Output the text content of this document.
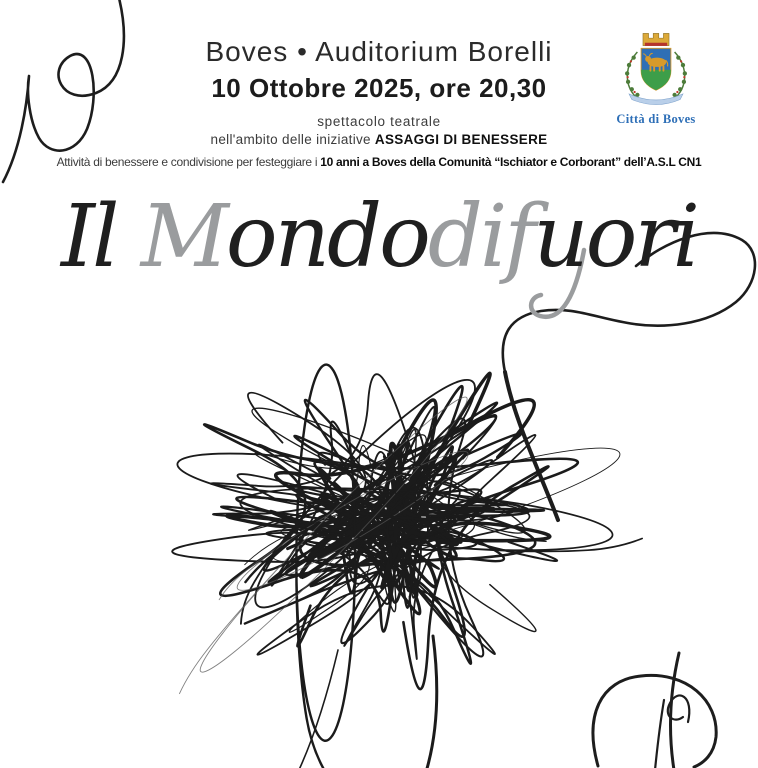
Boves • Auditorium Borelli
10 Ottobre 2025, ore 20,30
spettacolo teatrale
nell'ambito delle iniziative ASSAGGI DI BENESSERE
Attività di benessere e condivisione per festeggiare i 10 anni a Boves della Comunità “Ischiator e Corborant” dell’A.S.L CN1
Città di Boves
Il Mondodifuori
